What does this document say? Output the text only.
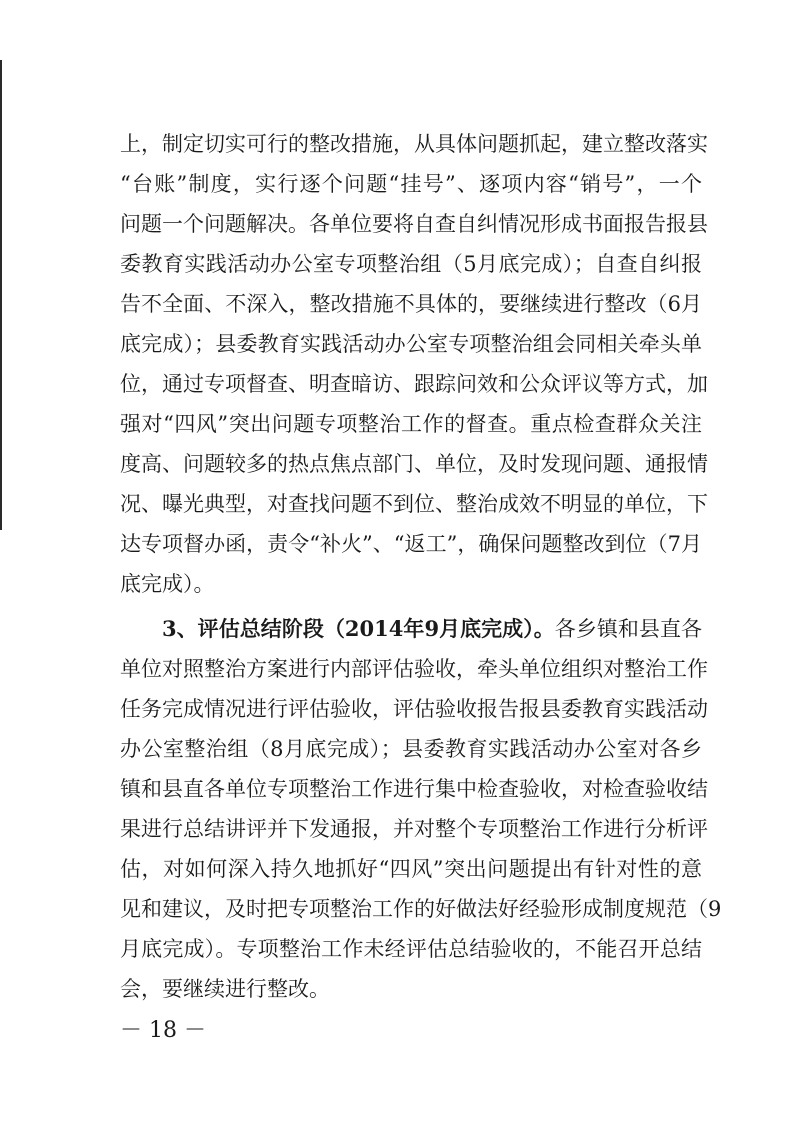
上，制定切实可行的整改措施，从具体问题抓起，建立整改落实
“台账”制度，实行逐个问题“挂号”、逐项内容“销号”，一个
问题一个问题解决。各单位要将自查自纠情况形成书面报告报县
委教育实践活动办公室专项整治组（5月底完成）；自查自纠报
告不全面、不深入，整改措施不具体的，要继续进行整改（6月
底完成）；县委教育实践活动办公室专项整治组会同相关牵头单
位，通过专项督查、明查暗访、跟踪问效和公众评议等方式，加
强对“四风”突出问题专项整治工作的督查。重点检查群众关注
度高、问题较多的热点焦点部门、单位，及时发现问题、通报情
况、曝光典型，对查找问题不到位、整治成效不明显的单位，下
达专项督办函，责令“补火”、“返工”，确保问题整改到位（7月
底完成）。
3、评估总结阶段（2014年9月底完成）。各乡镇和县直各
单位对照整治方案进行内部评估验收，牵头单位组织对整治工作
任务完成情况进行评估验收，评估验收报告报县委教育实践活动
办公室整治组（8月底完成）；县委教育实践活动办公室对各乡
镇和县直各单位专项整治工作进行集中检查验收，对检查验收结
果进行总结讲评并下发通报，并对整个专项整治工作进行分析评
估，对如何深入持久地抓好“四风”突出问题提出有针对性的意
见和建议，及时把专项整治工作的好做法好经验形成制度规范（9
月底完成）。专项整治工作未经评估总结验收的，不能召开总结
会，要继续进行整改。
－ 18 －
